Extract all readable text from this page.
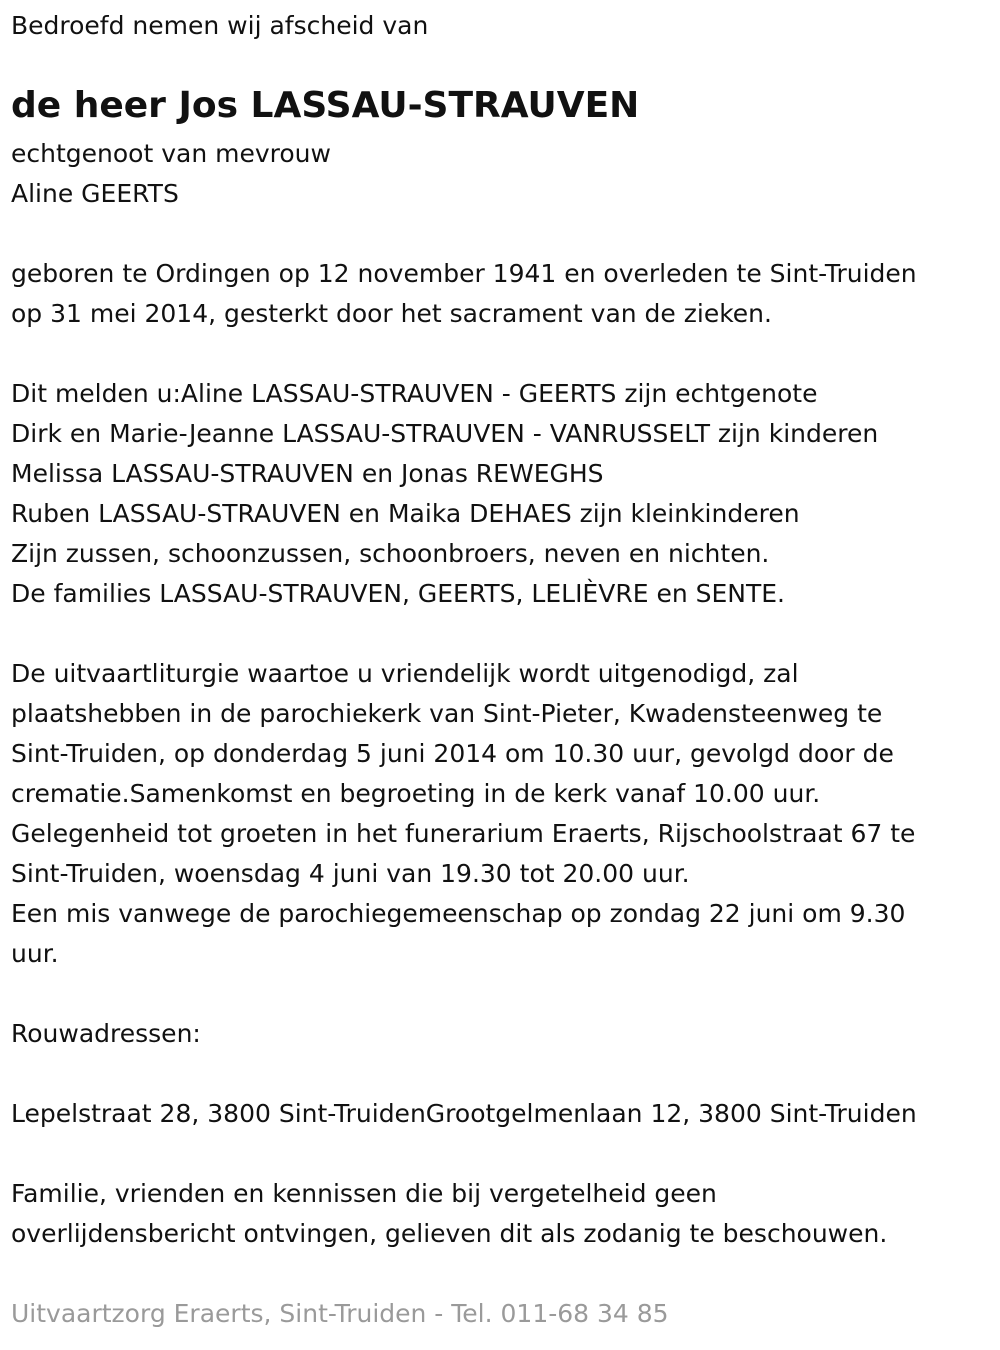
Bedroefd nemen wij afscheid van

de heer Jos LASSAU-STRAUVEN

echtgenoot van mevrouw

Aline GEERTS

geboren te Ordingen op 12 november 1941 en overleden te Sint-Truiden

op 31 mei 2014, gesterkt door het sacrament van de zieken.

Dit melden u:Aline LASSAU-STRAUVEN - GEERTS zijn echtgenote

Dirk en Marie-Jeanne LASSAU-STRAUVEN - VANRUSSELT zijn kinderen

Melissa LASSAU-STRAUVEN en Jonas REWEGHS

Ruben LASSAU-STRAUVEN en Maika DEHAES zijn kleinkinderen

Zijn zussen, schoonzussen, schoonbroers, neven en nichten.

De families LASSAU-STRAUVEN, GEERTS, LELIÈVRE en SENTE.

De uitvaartliturgie waartoe u vriendelijk wordt uitgenodigd, zal

plaatshebben in de parochiekerk van Sint-Pieter, Kwadensteenweg te

Sint-Truiden, op donderdag 5 juni 2014 om 10.30 uur, gevolgd door de

crematie.Samenkomst en begroeting in de kerk vanaf 10.00 uur.

Gelegenheid tot groeten in het funerarium Eraerts, Rijschoolstraat 67 te

Sint-Truiden, woensdag 4 juni van 19.30 tot 20.00 uur.

Een mis vanwege de parochiegemeenschap op zondag 22 juni om 9.30

uur.

Rouwadressen:

Lepelstraat 28, 3800 Sint-TruidenGrootgelmenlaan 12, 3800 Sint-Truiden

Familie, vrienden en kennissen die bij vergetelheid geen

overlijdensbericht ontvingen, gelieven dit als zodanig te beschouwen.

Uitvaartzorg Eraerts, Sint-Truiden - Tel. 011-68 34 85
